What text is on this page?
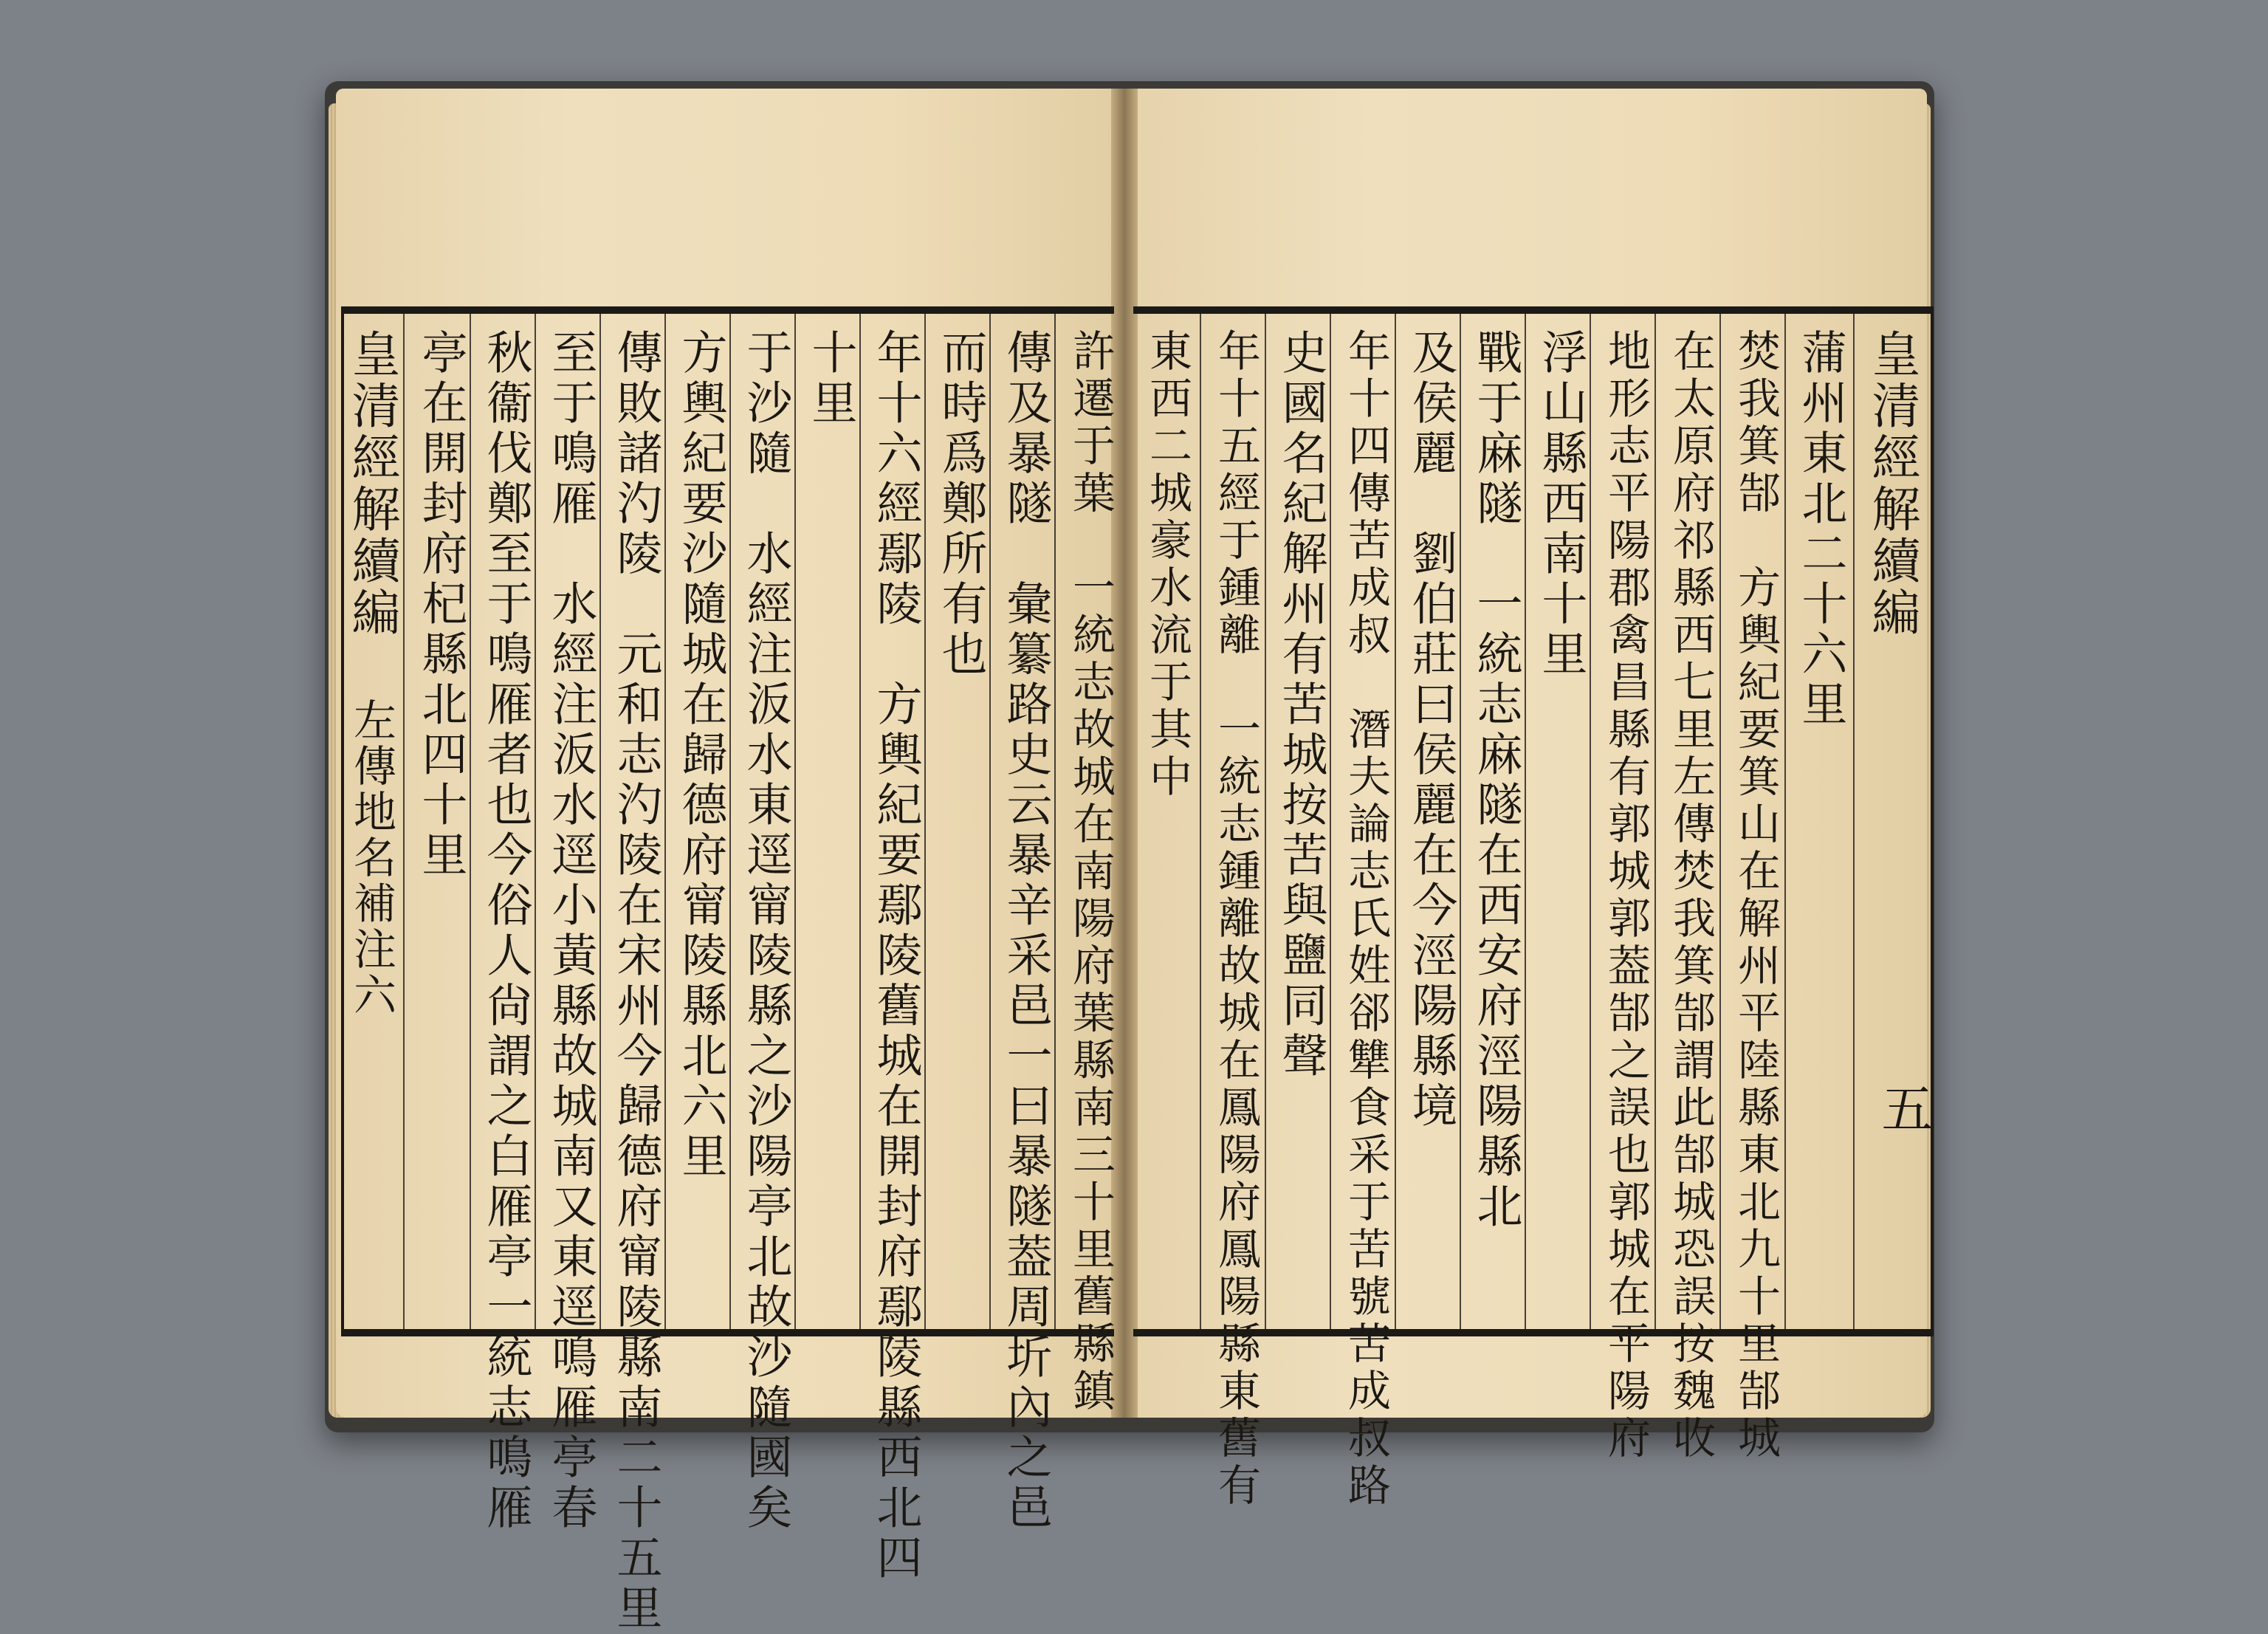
皇清經解續編
左傳地名補注六 亭在開封府杞縣北四十里 秋衞伐鄭至于鳴雁者也今俗人尙謂之白雁亭一統志鳴雁 至于鳴雁　水經注汳水逕小黃縣故城南又東逕鳴雁亭春 傳敗諸汋陵　元和志汋陵在宋州今歸德府甯陵縣南二十五里 方輿紀要沙隨城在歸德府甯陵縣北六里 于沙隨　水經注汳水東逕甯陵縣之沙陽亭北故沙隨國矣 十里 年十六經鄢陵　方輿紀要鄢陵舊城在開封府鄢陵縣西北四 而時爲鄭所有也 傳及暴隧　彙纂路史云暴辛采邑一曰暴隧葢周圻內之邑 許遷于葉　一統志故城在南陽府葉縣南三十里舊縣鎮 東西二城豪水流于其中 年十五經于鍾離　一統志鍾離故城在鳳陽府鳳陽縣東舊有 史國名紀解州有苦城按苦與鹽同聲 年十四傳苦成叔　潛夫論志氏姓郤犨食采于苦號苦成叔路 及侯麗　劉伯莊曰侯麗在今涇陽縣境 戰于麻隧　一統志麻隧在西安府涇陽縣北 浮山縣西南十里 地形志平陽郡禽昌縣有郭城郭葢郜之誤也郭城在平陽府 在太原府祁縣西七里左傳焚我箕郜謂此郜城恐誤按魏收 焚我箕郜　方輿紀要箕山在解州平陸縣東北九十里郜城 蒲州東北二十六里 皇清經解續編
五
